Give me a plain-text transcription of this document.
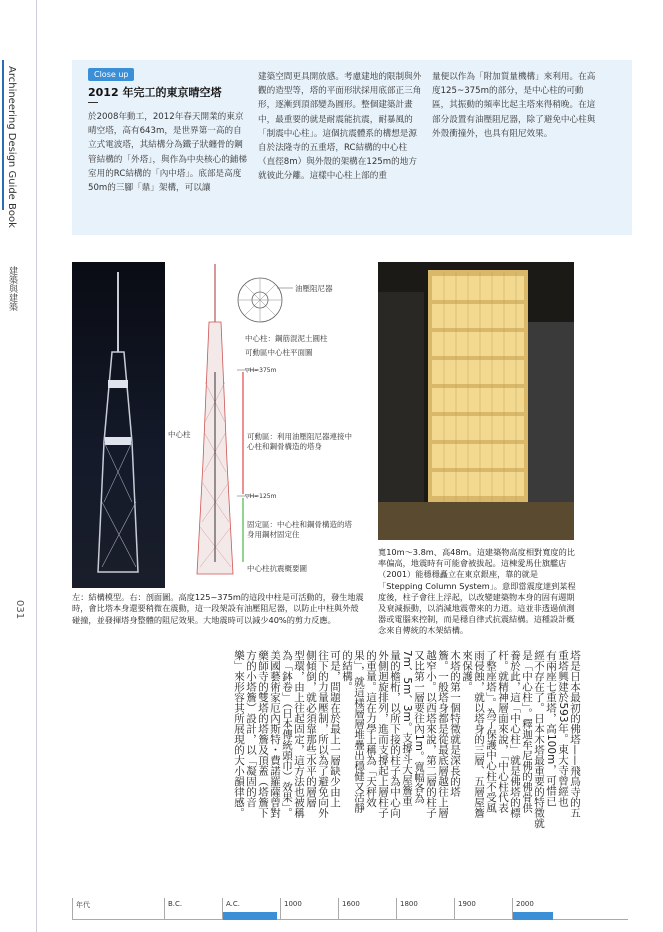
Archineering Design Guide Book
建築與建築
031
Close up
2012 年完工的東京晴空塔
於2008年動工，2012年春天開業的東京晴空塔，高有643m，是世界第一高的自立式電波塔，其結構分為鐵子狀纏骨的鋼管結構的「外塔」，與作為中央核心的鋪梯室用的RC結構的「內中塔」。底部是高度50m的三腳「鼎」架構，可以讓
建築空間更具開放感。考慮建地的限制與外觀的造型等，塔的平面形狀採用底部正三角形，逐漸到頂部變為圓形。整個建築計畫中，最重要的就是耐震能抗震，耐暴風的「制震中心柱」。這個抗震體系的構想是源自於法隆寺的五重塔，RC結構的中心柱（直徑8m）與外殼的架構在125m的地方就彼此分離。這樣中心柱上部的重
量便以作為「附加質量機構」來利用。在高度125~375m的部分，是中心柱的可動區，其振動的頻率比起主塔來得稍晚。在這部分設置有油壓阻尼器，除了避免中心柱與外殼衝撞外，也具有阻尼效果。
油壓阻尼器
中心柱：鋼筋混泥土圓柱
可動區中心柱平面圖
▽H=375m
可動區：利用油壓阻尼器連接中心柱和鋼骨構造的塔身
▽H=125m
固定區：中心柱和鋼骨構造的塔身用鋼材固定住
中心柱抗震概要圖
中心柱
左：結構模型。右：剖面圖。高度125~375m的這段中柱是可活動的，發生地震時，會比塔本身還要稍微在震動，這一段架設有油壓阻尼器，以防止中柱與外殼碰撞，並發揮塔身整體的阻尼效果。大地震時可以減少40%的剪力反應。
寬10m～3.8m、高48m。這建築物高度相對寬度的比率偏高，地震時有可能會被拔起。這棟愛馬仕旗艦店（2001）能穩穩矗立在東京銀座，靠的就是「Stepping Column System」。意即當震度達到某程度後，柱子會往上浮起，以改變建築物本身的固有週期及衰減振動，以消減地震帶來的力道。這並非透過偵測器或電腦來控制，而是穩自律式抗震結構。這種設計概念來自傳統的木架結構。
塔是日本最初的佛塔——飛鳥寺的五
重塔興建於593年。東大寺曾經也
有兩座七重塔，高100m，可惜已
經不存在了。日本木塔最重要的特徵就
是「中心柱」。釋迦牟尼佛的佛骨供
養於此，這「中心柱」就是佛塔的標
杆。就精神層面來說，「中心柱代表
了整座塔」。為了保護中心柱不受風
雨侵蝕，就以塔身的三層、五層屋簷
來保護。
木塔的第一個特徵就是深長的塔
簷。一般塔身都是從最底層越往上層
越窄小。以西塔來說，第二層的柱子
又比第一層要往內1m。寬幅各為
7m、5m、3m。支撐斗大屋簷重
量的檐桁，以所下接的柱子為中心向
外側迴旋排列，進而支撐起上層柱子
的重量。這在力學上稱為「天秤效
果」，就這樣層層堆疊出穩健又活靜
的結構。
可是，問題在於最上一層缺少由上
往下的力量壓制，所以為了避免向外
側傾倒，就必須靠那些水平的層層
型環，由上往起固定，這方法也被稱
為「鉢卷」（日本傳統頭巾）效果」。
美國藝術家厄內斯特・費諾羅薩曾對
藥師寺的雙塔的塔簷及頂蓋（塔簷下
方的小塔簷）設計，以「凝固的音
樂」來形容其所展現的大小韻律感。
年代	B.C.	A.C.	1000	1600	1800	1900	2000
